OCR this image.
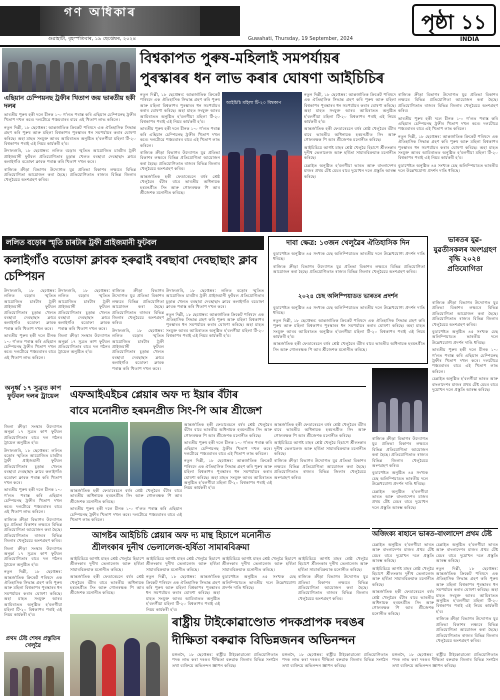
গণ অধিকাৰ
গুৱাহাটী, বৃহস্পতিবাৰ, ১৯ ছেপ্তেম্বৰ, ২০২৪	Guwahati, Thursday, 19 September, 2024
পৃষ্ঠা ১১
INDIA
বিশ্বকাপত পুৰুষ-মহিলাই সমপৰ্যায়ৰ
পুৰস্কাৰৰ ধন লাভ কৰাৰ ঘোষণা আইচিচিৰ
এছিয়ান চেম্পিয়নছ ট্ৰফীৰ খিতাপ জয় ভাৰতীয় হকী দলৰ

ভাৰতীয় পুৰুষ হকী দলে চীনক ১-০ গ'লত পৰাস্ত কৰি এছিয়ান চেম্পিয়নছ ট্ৰফীৰ খিতাপ দখল কৰে। দলটোৱে পঞ্চমবাৰৰ বাবে এই খিতাপ লাভ কৰিলে।

নতুন দিল্লী, ১৮ ছেপ্তেম্বৰ: আন্তৰ্জাতিক ক্ৰিকেট পৰিষদে এক ঐতিহাসিক সিদ্ধান্ত গ্ৰহণ কৰি পুৰুষ আৰু মহিলা বিশ্বকাপৰ পুৰস্কাৰৰ ধন সমপৰ্যায়ৰ কৰাৰ ঘোষণা কৰিছে। অহা মাহত সংযুক্ত আৰব আমিৰাতত অনুষ্ঠিত হ'বলগীয়া মহিলা টি-২০ বিশ্বকাপৰ পৰাই এই নিয়ম কাৰ্যকৰী হ'ব।

উদালগুৰি, ১৮ ছেপ্তেম্বৰ: ললিত বড়োৰ স্মৃতিত আয়োজিত চাৰটাৰ ট্ৰফী প্ৰাইজমানী ফুটবল প্ৰতিযোগিতাৰ চূড়ান্ত খেলত বৰছাবা দেবছাছাং ক্লাবে কলাইগাঁও বডোফা ক্লাবক পৰাস্ত কৰি খিতাপ দখল কৰে।

ৰাজ্যিক ক্ৰীড়া বিভাগৰ উদ্যোগত যুৱ প্ৰতিভা বিকাশৰ লক্ষ্যৰে বিভিন্ন প্ৰতিযোগিতা আয়োজন কৰা হৈছে। প্ৰতিযোগিতাত ৰাজ্যৰ বিভিন্ন জিলাৰ খেলুৱৈয়ে অংশগ্ৰহণ কৰিব।

নতুন দিল্লী, ১৮ ছেপ্তেম্বৰ: আন্তৰ্জাতিক ক্ৰিকেট পৰিষদে এক ঐতিহাসিক সিদ্ধান্ত গ্ৰহণ কৰি পুৰুষ আৰু মহিলা বিশ্বকাপৰ পুৰস্কাৰৰ ধন সমপৰ্যায়ৰ কৰাৰ ঘোষণা কৰিছে। অহা মাহত সংযুক্ত আৰব আমিৰাতত অনুষ্ঠিত হ'বলগীয়া মহিলা টি-২০ বিশ্বকাপৰ পৰাই এই নিয়ম কাৰ্যকৰী হ'ব।

ভাৰতীয় পুৰুষ হকী দলে চীনক ১-০ গ'লত পৰাস্ত কৰি এছিয়ান চেম্পিয়নছ ট্ৰফীৰ খিতাপ দখল কৰে। দলটোৱে পঞ্চমবাৰৰ বাবে এই খিতাপ লাভ কৰিলে।

ৰাজ্যিক ক্ৰীড়া বিভাগৰ উদ্যোগত যুৱ প্ৰতিভা বিকাশৰ লক্ষ্যৰে বিভিন্ন প্ৰতিযোগিতা আয়োজন কৰা হৈছে। প্ৰতিযোগিতাত ৰাজ্যৰ বিভিন্ন জিলাৰ খেলুৱৈয়ে অংশগ্ৰহণ কৰিব।

আন্তৰ্জাতিক হকী ফেডাৰেচনে বৰ্ষৰ শ্ৰেষ্ঠ খেলুৱৈৰ বঁটাৰ বাবে ভাৰতীয় অধিনায়ক হৰমনপ্ৰীত সিং আৰু গোলৰক্ষক পি আৰ শ্ৰীজেশক মনোনীত কৰিছে।

আইচিচি মহিলা টি-২০ বিশ্বকাপ

নতুন দিল্লী, ১৮ ছেপ্তেম্বৰ: আন্তৰ্জাতিক ক্ৰিকেট পৰিষদে এক ঐতিহাসিক সিদ্ধান্ত গ্ৰহণ কৰি পুৰুষ আৰু মহিলা বিশ্বকাপৰ পুৰস্কাৰৰ ধন সমপৰ্যায়ৰ কৰাৰ ঘোষণা কৰিছে। অহা মাহত সংযুক্ত আৰব আমিৰাতত অনুষ্ঠিত হ'বলগীয়া মহিলা টি-২০ বিশ্বকাপৰ পৰাই এই নিয়ম কাৰ্যকৰী হ'ব।

আন্তৰ্জাতিক হকী ফেডাৰেচনে বৰ্ষৰ শ্ৰেষ্ঠ খেলুৱৈৰ বঁটাৰ বাবে ভাৰতীয় অধিনায়ক হৰমনপ্ৰীত সিং আৰু গোলৰক্ষক পি আৰ শ্ৰীজেশক মনোনীত কৰিছে।

আইচিচিয়ে আগষ্ট মাহৰ শ্ৰেষ্ঠ খেলুৱৈ হিচাপে শ্ৰীলংকাৰ দুনীথ ভেলালেজ আৰু হৰ্ষিতা সামাৰবিক্ৰমাক মনোনীত কৰিছে।

চেন্নাইত অনুষ্ঠিত হ'বলগীয়া ভাৰত আৰু বাংলাদেশৰ মাজৰ প্ৰথম টেষ্ট মেচৰ বাবে দুয়োখন দলে প্ৰস্তুতি আৰম্ভ কৰিছে।

ৰাজ্যিক ক্ৰীড়া বিভাগৰ উদ্যোগত যুৱ প্ৰতিভা বিকাশৰ লক্ষ্যৰে বিভিন্ন প্ৰতিযোগিতা আয়োজন কৰা হৈছে। প্ৰতিযোগিতাত ৰাজ্যৰ বিভিন্ন জিলাৰ খেলুৱৈয়ে অংশগ্ৰহণ কৰিব।

ভাৰতীয় পুৰুষ হকী দলে চীনক ১-০ গ'লত পৰাস্ত কৰি এছিয়ান চেম্পিয়নছ ট্ৰফীৰ খিতাপ দখল কৰে। দলটোৱে পঞ্চমবাৰৰ বাবে এই খিতাপ লাভ কৰিলে।

নতুন দিল্লী, ১৮ ছেপ্তেম্বৰ: আন্তৰ্জাতিক ক্ৰিকেট পৰিষদে এক ঐতিহাসিক সিদ্ধান্ত গ্ৰহণ কৰি পুৰুষ আৰু মহিলা বিশ্বকাপৰ পুৰস্কাৰৰ ধন সমপৰ্যায়ৰ কৰাৰ ঘোষণা কৰিছে। অহা মাহত সংযুক্ত আৰব আমিৰাতত অনুষ্ঠিত হ'বলগীয়া মহিলা টি-২০ বিশ্বকাপৰ পৰাই এই নিয়ম কাৰ্যকৰী হ'ব।

বুডাপেষ্টত অনুষ্ঠিত ৪৫ সংখ্যক চেছ অলিম্পিয়াডত ভাৰতীয় দলে উল্লেখযোগ্য প্ৰদৰ্শন দাঙি ধৰিছে।

ললিত বড়োৰ স্মৃতি চাৰটাৰ ট্ৰফী প্ৰাইজমানী ফুটবল
কলাইগাঁও বডোফা ক্লাবক হৰুৱাই বৰছাবা দেবছাছাং ক্লাব চেম্পিয়ন

উদালগুৰি, ১৮ ছেপ্তেম্বৰ: ললিত বড়োৰ স্মৃতিত আয়োজিত চাৰটাৰ ট্ৰফী প্ৰাইজমানী ফুটবল প্ৰতিযোগিতাৰ চূড়ান্ত খেলত বৰছাবা দেবছাছাং ক্লাবে কলাইগাঁও বডোফা ক্লাবক পৰাস্ত কৰি খিতাপ দখল কৰে।

ভাৰতীয় পুৰুষ হকী দলে চীনক ১-০ গ'লত পৰাস্ত কৰি এছিয়ান চেম্পিয়নছ ট্ৰফীৰ খিতাপ দখল কৰে। দলটোৱে পঞ্চমবাৰৰ বাবে এই খিতাপ লাভ কৰিলে।

উদালগুৰি, ১৮ ছেপ্তেম্বৰ: ললিত বড়োৰ স্মৃতিত আয়োজিত চাৰটাৰ ট্ৰফী প্ৰাইজমানী ফুটবল প্ৰতিযোগিতাৰ চূড়ান্ত খেলত বৰছাবা দেবছাছাং ক্লাবে কলাইগাঁও বডোফা ক্লাবক পৰাস্ত কৰি খিতাপ দখল কৰে।

জিলা ক্ৰীড়া সংস্থাৰ উদ্যোগত অনূৰ্ধ্ব ১৭ সুব্ৰত কাপ ফুটবল প্ৰতিযোগিতাৰ বাবে দল গঠনৰ ট্ৰায়েল অনুষ্ঠিত হ'ব।

ৰাজ্যিক ক্ৰীড়া বিভাগৰ উদ্যোগত যুৱ প্ৰতিভা বিকাশৰ লক্ষ্যৰে বিভিন্ন প্ৰতিযোগিতা আয়োজন কৰা হৈছে। প্ৰতিযোগিতাত ৰাজ্যৰ বিভিন্ন জিলাৰ খেলুৱৈয়ে অংশগ্ৰহণ কৰিব।

উদালগুৰি, ১৮ ছেপ্তেম্বৰ: ললিত বড়োৰ স্মৃতিত আয়োজিত চাৰটাৰ ট্ৰফী প্ৰাইজমানী ফুটবল প্ৰতিযোগিতাৰ চূড়ান্ত খেলত বৰছাবা দেবছাছাং ক্লাবে কলাইগাঁও বডোফা ক্লাবক পৰাস্ত কৰি খিতাপ দখল কৰে।

উদালগুৰি, ১৮ ছেপ্তেম্বৰ: ললিত বড়োৰ স্মৃতিত আয়োজিত চাৰটাৰ ট্ৰফী প্ৰাইজমানী ফুটবল প্ৰতিযোগিতাৰ চূড়ান্ত খেলত বৰছাবা দেবছাছাং ক্লাবে কলাইগাঁও বডোফা ক্লাবক পৰাস্ত কৰি খিতাপ দখল কৰে।

নতুন দিল্লী, ১৮ ছেপ্তেম্বৰ: আন্তৰ্জাতিক ক্ৰিকেট পৰিষদে এক ঐতিহাসিক সিদ্ধান্ত গ্ৰহণ কৰি পুৰুষ আৰু মহিলা বিশ্বকাপৰ পুৰস্কাৰৰ ধন সমপৰ্যায়ৰ কৰাৰ ঘোষণা কৰিছে। অহা মাহত সংযুক্ত আৰব আমিৰাতত অনুষ্ঠিত হ'বলগীয়া মহিলা টি-২০ বিশ্বকাপৰ পৰাই এই নিয়ম কাৰ্যকৰী হ'ব।

দাবা ক্ষেত্ৰ: ১৩জন খেলুৱৈৰ ঐতিহাসিক দিন

বুডাপেষ্টত অনুষ্ঠিত ৪৫ সংখ্যক চেছ অলিম্পিয়াডত ভাৰতীয় দলে উল্লেখযোগ্য প্ৰদৰ্শন দাঙি ধৰিছে।

ৰাজ্যিক ক্ৰীড়া বিভাগৰ উদ্যোগত যুৱ প্ৰতিভা বিকাশৰ লক্ষ্যৰে বিভিন্ন প্ৰতিযোগিতা আয়োজন কৰা হৈছে। প্ৰতিযোগিতাত ৰাজ্যৰ বিভিন্ন জিলাৰ খেলুৱৈয়ে অংশগ্ৰহণ কৰিব।

২০২৪ চেছ অলিম্পিয়াডত ভাৰতৰ প্ৰদৰ্শন

বুডাপেষ্টত অনুষ্ঠিত ৪৫ সংখ্যক চেছ অলিম্পিয়াডত ভাৰতীয় দলে উল্লেখযোগ্য প্ৰদৰ্শন দাঙি ধৰিছে।

নতুন দিল্লী, ১৮ ছেপ্তেম্বৰ: আন্তৰ্জাতিক ক্ৰিকেট পৰিষদে এক ঐতিহাসিক সিদ্ধান্ত গ্ৰহণ কৰি পুৰুষ আৰু মহিলা বিশ্বকাপৰ পুৰস্কাৰৰ ধন সমপৰ্যায়ৰ কৰাৰ ঘোষণা কৰিছে। অহা মাহত সংযুক্ত আৰব আমিৰাতত অনুষ্ঠিত হ'বলগীয়া মহিলা টি-২০ বিশ্বকাপৰ পৰাই এই নিয়ম কাৰ্যকৰী হ'ব।

আন্তৰ্জাতিক হকী ফেডাৰেচনে বৰ্ষৰ শ্ৰেষ্ঠ খেলুৱৈৰ বঁটাৰ বাবে ভাৰতীয় অধিনায়ক হৰমনপ্ৰীত সিং আৰু গোলৰক্ষক পি আৰ শ্ৰীজেশক মনোনীত কৰিছে।

ভাৰতৰ যুৱ-যুৱতীসকলৰ অংশগ্ৰহণ বৃদ্ধি ২০২৪ প্ৰতিযোগিতা

ৰাজ্যিক ক্ৰীড়া বিভাগৰ উদ্যোগত যুৱ প্ৰতিভা বিকাশৰ লক্ষ্যৰে বিভিন্ন প্ৰতিযোগিতা আয়োজন কৰা হৈছে। প্ৰতিযোগিতাত ৰাজ্যৰ বিভিন্ন জিলাৰ খেলুৱৈয়ে অংশগ্ৰহণ কৰিব।

বুডাপেষ্টত অনুষ্ঠিত ৪৫ সংখ্যক চেছ অলিম্পিয়াডত ভাৰতীয় দলে উল্লেখযোগ্য প্ৰদৰ্শন দাঙি ধৰিছে।

ভাৰতীয় পুৰুষ হকী দলে চীনক ১-০ গ'লত পৰাস্ত কৰি এছিয়ান চেম্পিয়নছ ট্ৰফীৰ খিতাপ দখল কৰে। দলটোৱে পঞ্চমবাৰৰ বাবে এই খিতাপ লাভ কৰিলে।

চেন্নাইত অনুষ্ঠিত হ'বলগীয়া ভাৰত আৰু বাংলাদেশৰ মাজৰ প্ৰথম টেষ্ট মেচৰ বাবে দুয়োখন দলে প্ৰস্তুতি আৰম্ভ কৰিছে।

অনূৰ্ধ্ব ১৭ সুব্ৰত কাপ ফুটবল দলৰ ট্ৰায়েল

জিলা ক্ৰীড়া সংস্থাৰ উদ্যোগত অনূৰ্ধ্ব ১৭ সুব্ৰত কাপ ফুটবল প্ৰতিযোগিতাৰ বাবে দল গঠনৰ ট্ৰায়েল অনুষ্ঠিত হ'ব।

উদালগুৰি, ১৮ ছেপ্তেম্বৰ: ললিত বড়োৰ স্মৃতিত আয়োজিত চাৰটাৰ ট্ৰফী প্ৰাইজমানী ফুটবল প্ৰতিযোগিতাৰ চূড়ান্ত খেলত বৰছাবা দেবছাছাং ক্লাবে কলাইগাঁও বডোফা ক্লাবক পৰাস্ত কৰি খিতাপ দখল কৰে।

ভাৰতীয় পুৰুষ হকী দলে চীনক ১-০ গ'লত পৰাস্ত কৰি এছিয়ান চেম্পিয়নছ ট্ৰফীৰ খিতাপ দখল কৰে। দলটোৱে পঞ্চমবাৰৰ বাবে এই খিতাপ লাভ কৰিলে।

ৰাজ্যিক ক্ৰীড়া বিভাগৰ উদ্যোগত যুৱ প্ৰতিভা বিকাশৰ লক্ষ্যৰে বিভিন্ন প্ৰতিযোগিতা আয়োজন কৰা হৈছে। প্ৰতিযোগিতাত ৰাজ্যৰ বিভিন্ন জিলাৰ খেলুৱৈয়ে অংশগ্ৰহণ কৰিব।

জিলা ক্ৰীড়া সংস্থাৰ উদ্যোগত অনূৰ্ধ্ব ১৭ সুব্ৰত কাপ ফুটবল প্ৰতিযোগিতাৰ বাবে দল গঠনৰ ট্ৰায়েল অনুষ্ঠিত হ'ব।

নতুন দিল্লী, ১৮ ছেপ্তেম্বৰ: আন্তৰ্জাতিক ক্ৰিকেট পৰিষদে এক ঐতিহাসিক সিদ্ধান্ত গ্ৰহণ কৰি পুৰুষ আৰু মহিলা বিশ্বকাপৰ পুৰস্কাৰৰ ধন সমপৰ্যায়ৰ কৰাৰ ঘোষণা কৰিছে। অহা মাহত সংযুক্ত আৰব আমিৰাতত অনুষ্ঠিত হ'বলগীয়া মহিলা টি-২০ বিশ্বকাপৰ পৰাই এই নিয়ম কাৰ্যকৰী হ'ব।

এফআইএইচৰ প্লেয়াৰ অফ দ্য ইয়াৰ বঁটাৰ
বাবে মনোনীত হৰমনপ্ৰীত সিং-পি আৰ শ্ৰীজেশ

আন্তৰ্জাতিক হকী ফেডাৰেচনে বৰ্ষৰ শ্ৰেষ্ঠ খেলুৱৈৰ বঁটাৰ বাবে ভাৰতীয় অধিনায়ক হৰমনপ্ৰীত সিং আৰু গোলৰক্ষক পি আৰ শ্ৰীজেশক মনোনীত কৰিছে।

ভাৰতীয় পুৰুষ হকী দলে চীনক ১-০ গ'লত পৰাস্ত কৰি এছিয়ান চেম্পিয়নছ ট্ৰফীৰ খিতাপ দখল কৰে। দলটোৱে পঞ্চমবাৰৰ বাবে এই খিতাপ লাভ কৰিলে।

নতুন দিল্লী, ১৮ ছেপ্তেম্বৰ: আন্তৰ্জাতিক ক্ৰিকেট পৰিষদে এক ঐতিহাসিক সিদ্ধান্ত গ্ৰহণ কৰি পুৰুষ আৰু মহিলা বিশ্বকাপৰ পুৰস্কাৰৰ ধন সমপৰ্যায়ৰ কৰাৰ ঘোষণা কৰিছে। অহা মাহত সংযুক্ত আৰব আমিৰাতত অনুষ্ঠিত হ'বলগীয়া মহিলা টি-২০ বিশ্বকাপৰ পৰাই এই নিয়ম কাৰ্যকৰী হ'ব।

আন্তৰ্জাতিক হকী ফেডাৰেচনে বৰ্ষৰ শ্ৰেষ্ঠ খেলুৱৈৰ বঁটাৰ বাবে ভাৰতীয় অধিনায়ক হৰমনপ্ৰীত সিং আৰু গোলৰক্ষক পি আৰ শ্ৰীজেশক মনোনীত কৰিছে।

আইচিচিয়ে আগষ্ট মাহৰ শ্ৰেষ্ঠ খেলুৱৈ হিচাপে শ্ৰীলংকাৰ দুনীথ ভেলালেজ আৰু হৰ্ষিতা সামাৰবিক্ৰমাক মনোনীত কৰিছে।

ৰাজ্যিক ক্ৰীড়া বিভাগৰ উদ্যোগত যুৱ প্ৰতিভা বিকাশৰ লক্ষ্যৰে বিভিন্ন প্ৰতিযোগিতা আয়োজন কৰা হৈছে। প্ৰতিযোগিতাত ৰাজ্যৰ বিভিন্ন জিলাৰ খেলুৱৈয়ে অংশগ্ৰহণ কৰিব।

আন্তৰ্জাতিক হকী ফেডাৰেচনে বৰ্ষৰ শ্ৰেষ্ঠ খেলুৱৈৰ বঁটাৰ বাবে ভাৰতীয় অধিনায়ক হৰমনপ্ৰীত সিং আৰু গোলৰক্ষক পি আৰ শ্ৰীজেশক মনোনীত কৰিছে।

ভাৰতীয় পুৰুষ হকী দলে চীনক ১-০ গ'লত পৰাস্ত কৰি এছিয়ান চেম্পিয়নছ ট্ৰফীৰ খিতাপ দখল কৰে। দলটোৱে পঞ্চমবাৰৰ বাবে এই খিতাপ লাভ কৰিলে।

ৰাজ্যিক ক্ৰীড়া বিভাগৰ উদ্যোগত যুৱ প্ৰতিভা বিকাশৰ লক্ষ্যৰে বিভিন্ন প্ৰতিযোগিতা আয়োজন কৰা হৈছে। প্ৰতিযোগিতাত ৰাজ্যৰ বিভিন্ন জিলাৰ খেলুৱৈয়ে অংশগ্ৰহণ কৰিব।

বুডাপেষ্টত অনুষ্ঠিত ৪৫ সংখ্যক চেছ অলিম্পিয়াডত ভাৰতীয় দলে উল্লেখযোগ্য প্ৰদৰ্শন দাঙি ধৰিছে।

চেন্নাইত অনুষ্ঠিত হ'বলগীয়া ভাৰত আৰু বাংলাদেশৰ মাজৰ প্ৰথম টেষ্ট মেচৰ বাবে দুয়োখন দলে প্ৰস্তুতি আৰম্ভ কৰিছে।

আগষ্টৰ আইচিচি প্লেয়াৰ অফ দ্য মান্থ হিচাপে মনোনীত
শ্ৰীলংকাৰ দুনীথ ভেলালেজ-হৰ্ষিতা সামাৰবিক্ৰমা

আইচিচিয়ে আগষ্ট মাহৰ শ্ৰেষ্ঠ খেলুৱৈ হিচাপে শ্ৰীলংকাৰ দুনীথ ভেলালেজ আৰু হৰ্ষিতা সামাৰবিক্ৰমাক মনোনীত কৰিছে।

আন্তৰ্জাতিক হকী ফেডাৰেচনে বৰ্ষৰ শ্ৰেষ্ঠ খেলুৱৈৰ বঁটাৰ বাবে ভাৰতীয় অধিনায়ক হৰমনপ্ৰীত সিং আৰু গোলৰক্ষক পি আৰ শ্ৰীজেশক মনোনীত কৰিছে।

আইচিচিয়ে আগষ্ট মাহৰ শ্ৰেষ্ঠ খেলুৱৈ হিচাপে শ্ৰীলংকাৰ দুনীথ ভেলালেজ আৰু হৰ্ষিতা সামাৰবিক্ৰমাক মনোনীত কৰিছে।

নতুন দিল্লী, ১৮ ছেপ্তেম্বৰ: আন্তৰ্জাতিক ক্ৰিকেট পৰিষদে এক ঐতিহাসিক সিদ্ধান্ত গ্ৰহণ কৰি পুৰুষ আৰু মহিলা বিশ্বকাপৰ পুৰস্কাৰৰ ধন সমপৰ্যায়ৰ কৰাৰ ঘোষণা কৰিছে। অহা মাহত সংযুক্ত আৰব আমিৰাতত অনুষ্ঠিত হ'বলগীয়া মহিলা টি-২০ বিশ্বকাপৰ পৰাই এই নিয়ম কাৰ্যকৰী হ'ব।

আইচিচিয়ে আগষ্ট মাহৰ শ্ৰেষ্ঠ খেলুৱৈ হিচাপে শ্ৰীলংকাৰ দুনীথ ভেলালেজ আৰু হৰ্ষিতা সামাৰবিক্ৰমাক মনোনীত কৰিছে।

বুডাপেষ্টত অনুষ্ঠিত ৪৫ সংখ্যক চেছ অলিম্পিয়াডত ভাৰতীয় দলে উল্লেখযোগ্য প্ৰদৰ্শন দাঙি ধৰিছে।

আইচিচিয়ে আগষ্ট মাহৰ শ্ৰেষ্ঠ খেলুৱৈ হিচাপে শ্ৰীলংকাৰ দুনীথ ভেলালেজ আৰু হৰ্ষিতা সামাৰবিক্ৰমাক মনোনীত কৰিছে।

ৰাজ্যিক ক্ৰীড়া বিভাগৰ উদ্যোগত যুৱ প্ৰতিভা বিকাশৰ লক্ষ্যৰে বিভিন্ন প্ৰতিযোগিতা আয়োজন কৰা হৈছে। প্ৰতিযোগিতাত ৰাজ্যৰ বিভিন্ন জিলাৰ খেলুৱৈয়ে অংশগ্ৰহণ কৰিব।

অজিংক্য ৰাহানে ভাৰত-বাংলাদেশ প্ৰথম টেষ্ট

চেন্নাইত অনুষ্ঠিত হ'বলগীয়া ভাৰত আৰু বাংলাদেশৰ মাজৰ প্ৰথম টেষ্ট মেচৰ বাবে দুয়োখন দলে প্ৰস্তুতি আৰম্ভ কৰিছে।

আইচিচিয়ে আগষ্ট মাহৰ শ্ৰেষ্ঠ খেলুৱৈ হিচাপে শ্ৰীলংকাৰ দুনীথ ভেলালেজ আৰু হৰ্ষিতা সামাৰবিক্ৰমাক মনোনীত কৰিছে।

আন্তৰ্জাতিক হকী ফেডাৰেচনে বৰ্ষৰ শ্ৰেষ্ঠ খেলুৱৈৰ বঁটাৰ বাবে ভাৰতীয় অধিনায়ক হৰমনপ্ৰীত সিং আৰু গোলৰক্ষক পি আৰ শ্ৰীজেশক মনোনীত কৰিছে।

চেন্নাইত অনুষ্ঠিত হ'বলগীয়া ভাৰত আৰু বাংলাদেশৰ মাজৰ প্ৰথম টেষ্ট মেচৰ বাবে দুয়োখন দলে প্ৰস্তুতি আৰম্ভ কৰিছে।

নতুন দিল্লী, ১৮ ছেপ্তেম্বৰ: আন্তৰ্জাতিক ক্ৰিকেট পৰিষদে এক ঐতিহাসিক সিদ্ধান্ত গ্ৰহণ কৰি পুৰুষ আৰু মহিলা বিশ্বকাপৰ পুৰস্কাৰৰ ধন সমপৰ্যায়ৰ কৰাৰ ঘোষণা কৰিছে। অহা মাহত সংযুক্ত আৰব আমিৰাতত অনুষ্ঠিত হ'বলগীয়া মহিলা টি-২০ বিশ্বকাপৰ পৰাই এই নিয়ম কাৰ্যকৰী হ'ব।

ৰাজ্যিক ক্ৰীড়া বিভাগৰ উদ্যোগত যুৱ প্ৰতিভা বিকাশৰ লক্ষ্যৰে বিভিন্ন প্ৰতিযোগিতা আয়োজন কৰা হৈছে। প্ৰতিযোগিতাত ৰাজ্যৰ বিভিন্ন জিলাৰ খেলুৱৈয়ে অংশগ্ৰহণ কৰিব।

প্ৰথম টেষ্ট শেষৰ প্ৰস্তুতিৰ খেলুৱৈ
ৰাষ্ট্ৰীয় টাইকোৱাণ্ডোত পদকপ্ৰাপক দৰঙৰ
দীক্ষিতা বৰুৱাক বিভিন্নজনৰ অভিনন্দন

মঙ্গলদৈ, ১৮ ছেপ্তেম্বৰ: ৰাষ্ট্ৰীয় টাইকোৱাণ্ডো প্ৰতিযোগিতাত পদক লাভ কৰা দৰঙৰ দীক্ষিতা বৰুৱাক জিলাৰ বিভিন্ন সংগঠন তথা ব্যক্তিয়ে অভিনন্দন জ্ঞাপন কৰিছে।

মঙ্গলদৈ, ১৮ ছেপ্তেম্বৰ: ৰাষ্ট্ৰীয় টাইকোৱাণ্ডো প্ৰতিযোগিতাত পদক লাভ কৰা দৰঙৰ দীক্ষিতা বৰুৱাক জিলাৰ বিভিন্ন সংগঠন তথা ব্যক্তিয়ে অভিনন্দন জ্ঞাপন কৰিছে।

মঙ্গলদৈ, ১৮ ছেপ্তেম্বৰ: ৰাষ্ট্ৰীয় টাইকোৱাণ্ডো প্ৰতিযোগিতাত পদক লাভ কৰা দৰঙৰ দীক্ষিতা বৰুৱাক জিলাৰ বিভিন্ন সংগঠন তথা ব্যক্তিয়ে অভিনন্দন জ্ঞাপন কৰিছে।
